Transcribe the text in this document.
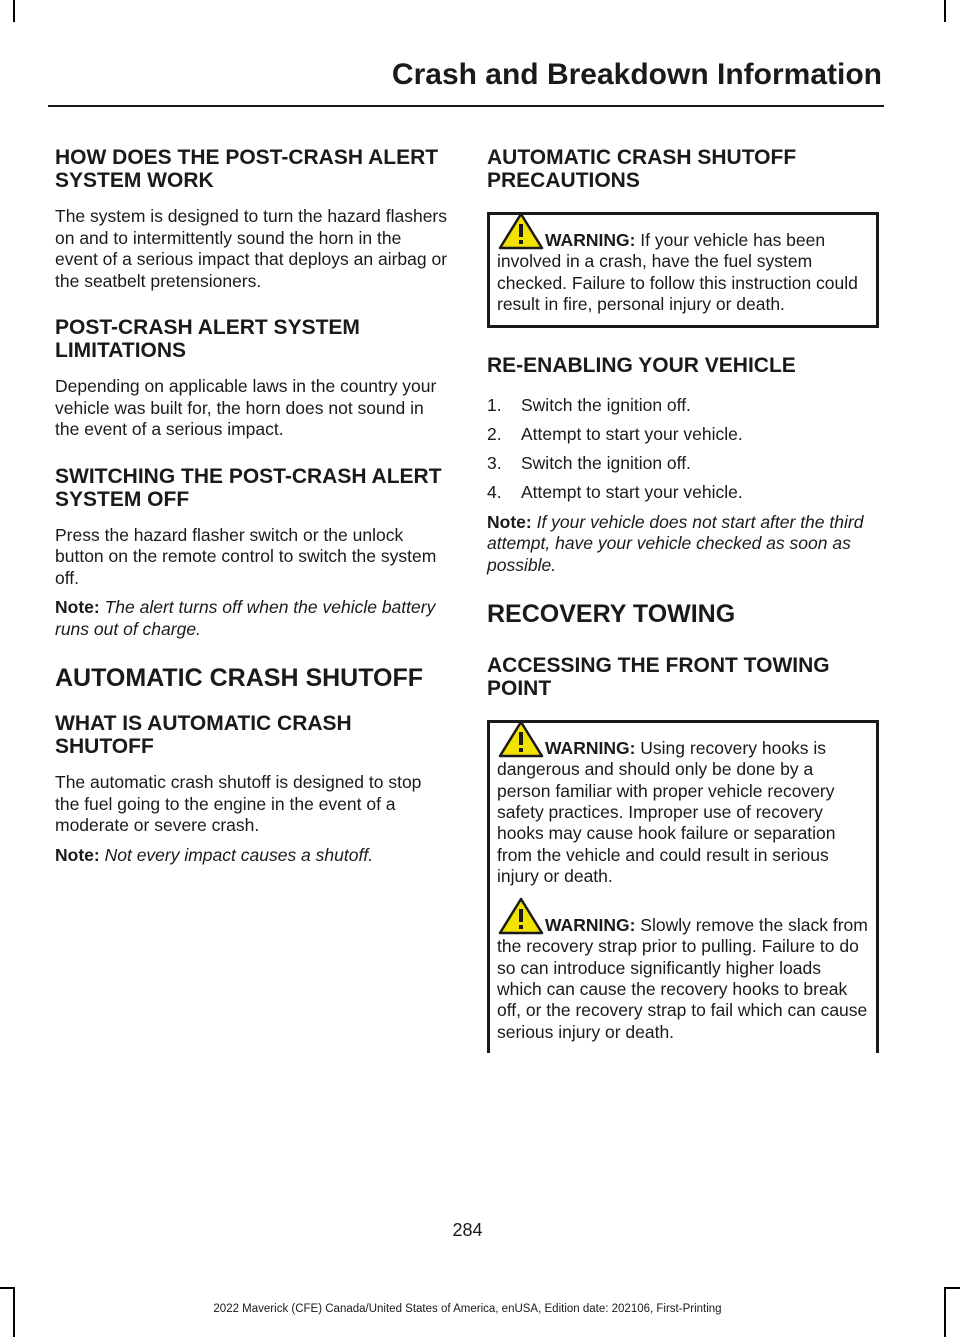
Crash and Breakdown Information
HOW DOES THE POST-CRASH ALERT SYSTEM WORK

The system is designed to turn the hazard flashers on and to intermittently sound the horn in the event of a serious impact that deploys an airbag or the seatbelt pretensioners.

POST-CRASH ALERT SYSTEM LIMITATIONS

Depending on applicable laws in the country your vehicle was built for, the horn does not sound in the event of a serious impact.

SWITCHING THE POST-CRASH ALERT SYSTEM OFF

Press the hazard flasher switch or the unlock button on the remote control to switch the system off.

Note: The alert turns off when the vehicle battery runs out of charge.

AUTOMATIC CRASH SHUTOFF
WHAT IS AUTOMATIC CRASH SHUTOFF

The automatic crash shutoff is designed to stop the fuel going to the engine in the event of a moderate or severe crash.

Note: Not every impact causes a shutoff.

AUTOMATIC CRASH SHUTOFF PRECAUTIONS

WARNING: If your vehicle has been involved in a crash, have the fuel system checked. Failure to follow this instruction could result in fire, personal injury or death.

RE-ENABLING YOUR VEHICLE
1.	Switch the ignition off.
2.	Attempt to start your vehicle.
3.	Switch the ignition off.
4.	Attempt to start your vehicle.

Note: If your vehicle does not start after the third attempt, have your vehicle checked as soon as possible.

RECOVERY TOWING
ACCESSING THE FRONT TOWING POINT

WARNING: Using recovery hooks is dangerous and should only be done by a person familiar with proper vehicle recovery safety practices. Improper use of recovery hooks may cause hook failure or separation from the vehicle and could result in serious injury or death.

WARNING: Slowly remove the slack from the recovery strap prior to pulling. Failure to do so can introduce significantly higher loads which can cause the recovery hooks to break off, or the recovery strap to fail which can cause serious injury or death.

284
2022 Maverick (CFE) Canada/United States of America, enUSA, Edition date: 202106, First-Printing
